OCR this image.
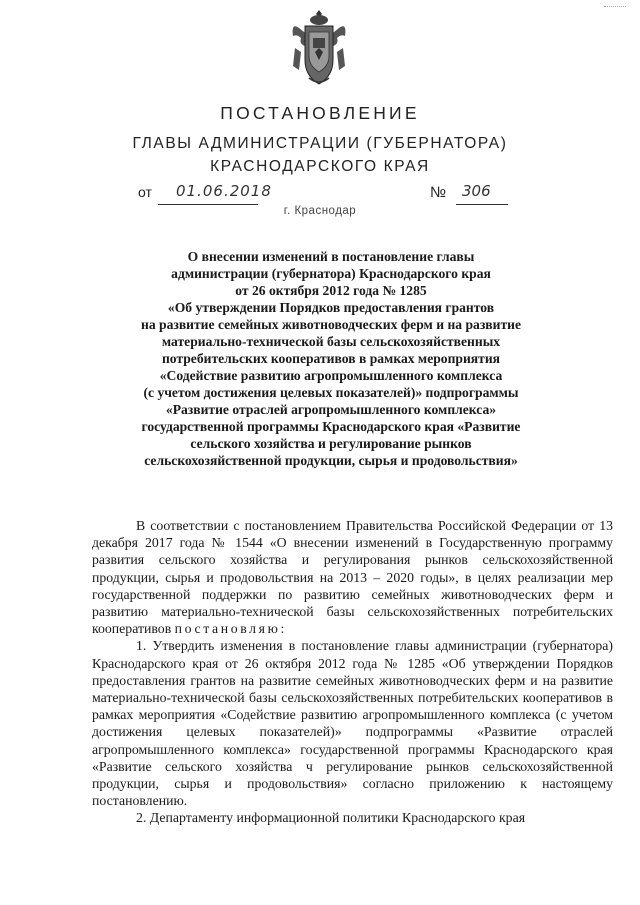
ПОСТАНОВЛЕНИЕ
ГЛАВЫ АДМИНИСТРАЦИИ (ГУБЕРНАТОРА)
КРАСНОДАРСКОГО КРАЯ
от 01.06.2018	№ 306
г. Краснодар
О внесении изменений в постановление главы
администрации (губернатора) Краснодарского края
от 26 октября 2012 года № 1285
«Об утверждении Порядков предоставления грантов
на развитие семейных животноводческих ферм и на развитие
материально-технической базы сельскохозяйственных
потребительских кооперативов в рамках мероприятия
«Содействие развитию агропромышленного комплекса
(с учетом достижения целевых показателей)» подпрограммы
«Развитие отраслей агропромышленного комплекса»
государственной программы Краснодарского края «Развитие
сельского хозяйства и регулирование рынков
сельскохозяйственной продукции, сырья и продовольствия»

В соответствии с постановлением Правительства Российской Федерации от 13 декабря 2017 года № 1544 «О внесении изменений в Государственную программу развития сельского хозяйства и регулирования рынков сельскохозяйственной продукции, сырья и продовольствия на 2013 – 2020 годы», в целях реализации мер государственной поддержки по развитию семейных животноводческих ферм и развитию материально-технической базы сельскохозяйственных потребительских кооперативов постановляю:

1. Утвердить изменения в постановление главы администрации (губернатора) Краснодарского края от 26 октября 2012 года № 1285 «Об утверждении Порядков предоставления грантов на развитие семейных животноводческих ферм и на развитие материально-технической базы сельскохозяйственных потребительских кооперативов в рамках мероприятия «Содействие развитию агропромышленного комплекса (с учетом достижения целевых показателей)» подпрограммы «Развитие отраслей агропромышленного комплекса» государственной программы Краснодарского края «Развитие сельского хозяйства ч регулирование рынков сельскохозяйственной продукции, сырья и продовольствия» согласно приложению к настоящему постановлению.

2. Департаменту информационной политики Краснодарского края
